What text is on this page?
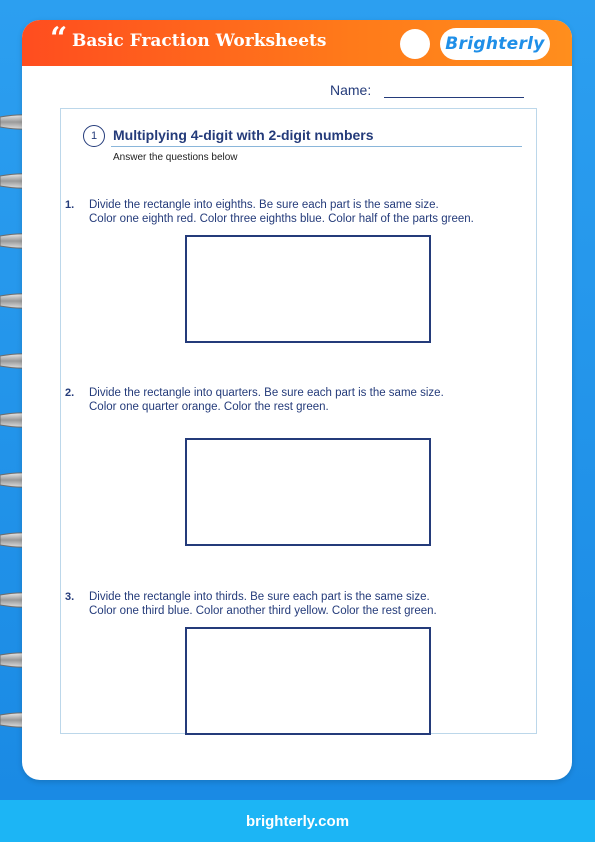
“ Basic Fraction Worksheets	Brighterly
Name:
1	Multiplying 4-digit with 2-digit numbers
Answer the questions below
1. Divide the rectangle into eighths. Be sure each part is the same size.
Color one eighth red. Color three eighths blue. Color half of the parts green.
2. Divide the rectangle into quarters. Be sure each part is the same size.
Color one quarter orange. Color the rest green.
3. Divide the rectangle into thirds. Be sure each part is the same size.
Color one third blue. Color another third yellow. Color the rest green.
brighterly.com
